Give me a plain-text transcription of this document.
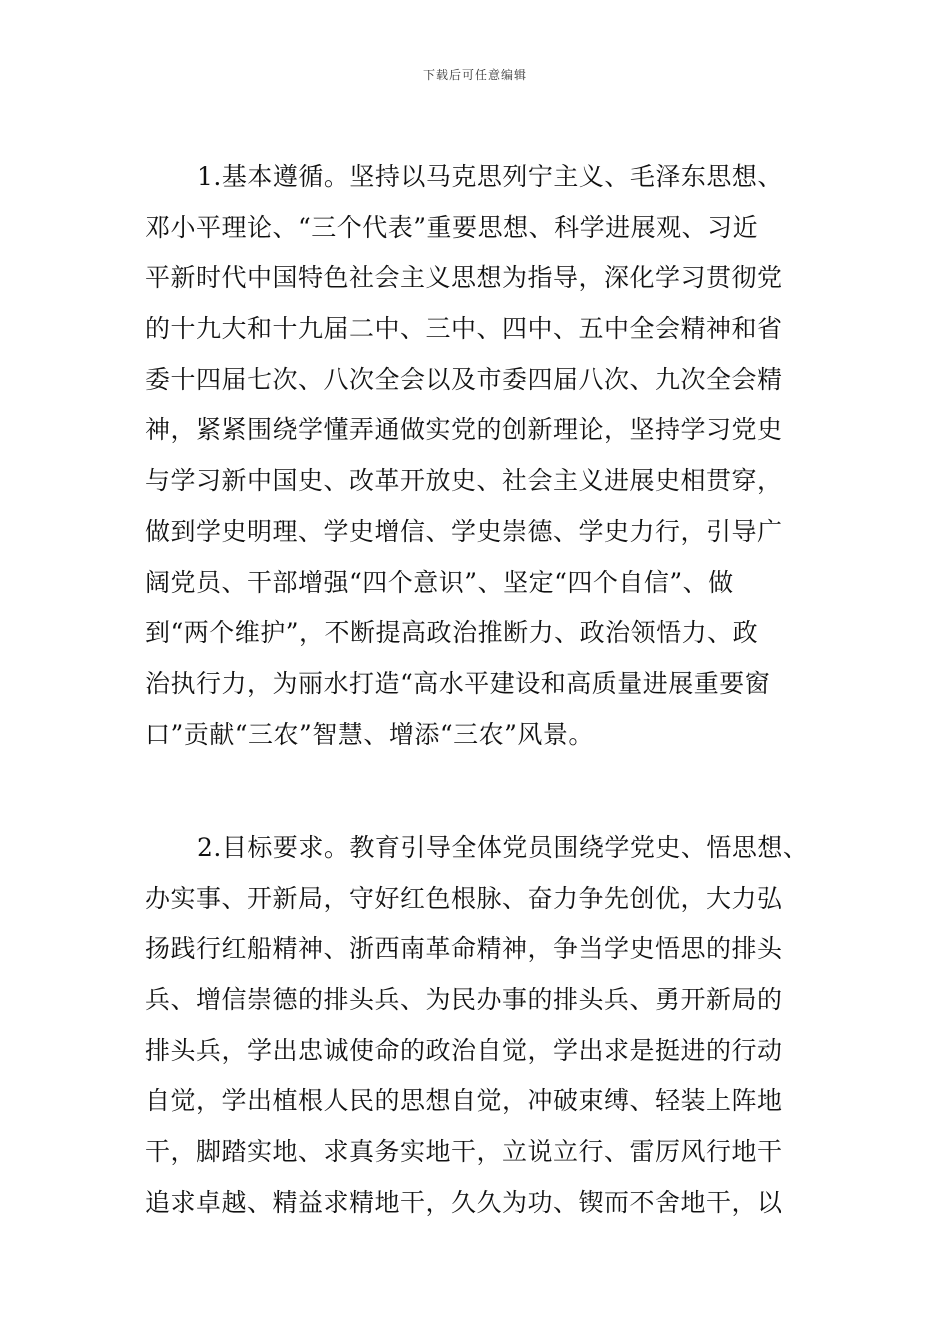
下载后可任意编辑
1.基本遵循。坚持以马克思列宁主义、毛泽东思想、
邓小平理论、“三个代表”重要思想、科学进展观、习近
平新时代中国特色社会主义思想为指导，深化学习贯彻党
的十九大和十九届二中、三中、四中、五中全会精神和省
委十四届七次、八次全会以及市委四届八次、九次全会精
神，紧紧围绕学懂弄通做实党的创新理论，坚持学习党史
与学习新中国史、改革开放史、社会主义进展史相贯穿，
做到学史明理、学史增信、学史崇德、学史力行，引导广
阔党员、干部增强“四个意识”、坚定“四个自信”、做
到“两个维护”，不断提高政治推断力、政治领悟力、政
治执行力，为丽水打造“高水平建设和高质量进展重要窗
口”贡献“三农”智慧、增添“三农”风景。
2.目标要求。教育引导全体党员围绕学党史、悟思想、
办实事、开新局，守好红色根脉、奋力争先创优，大力弘
扬践行红船精神、浙西南革命精神，争当学史悟思的排头
兵、增信崇德的排头兵、为民办事的排头兵、勇开新局的
排头兵，学出忠诚使命的政治自觉，学出求是挺进的行动
自觉，学出植根人民的思想自觉，冲破束缚、轻装上阵地
干，脚踏实地、求真务实地干，立说立行、雷厉风行地干
追求卓越、精益求精地干，久久为功、锲而不舍地干，以
